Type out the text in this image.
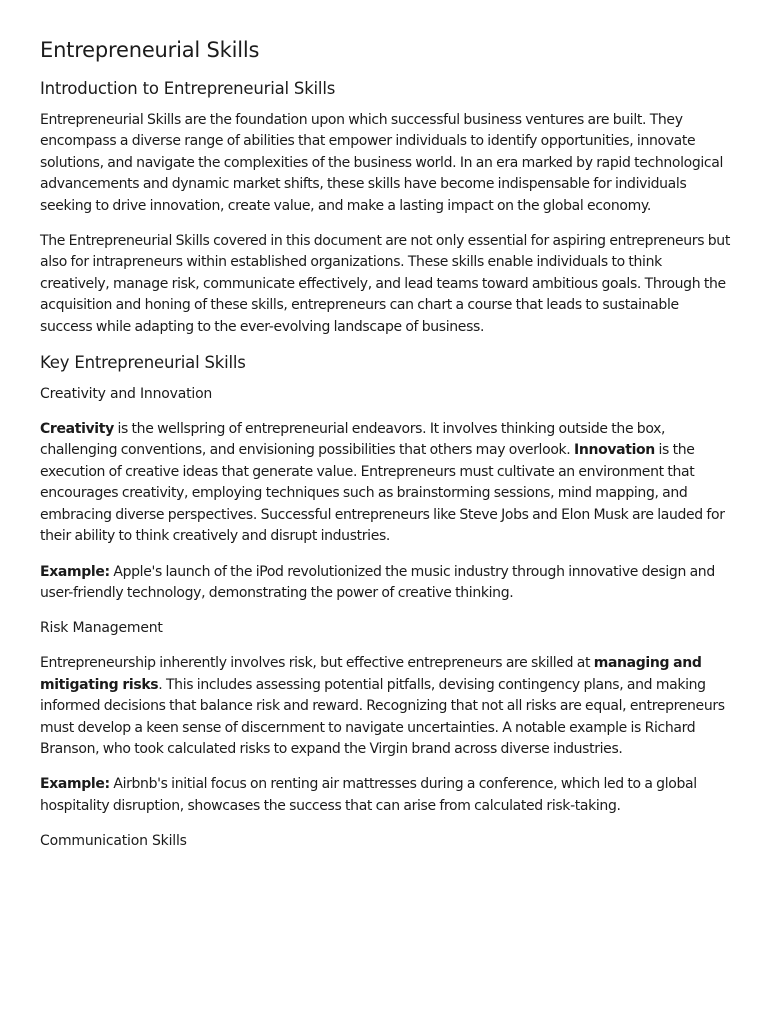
Entrepreneurial Skills
Introduction to Entrepreneurial Skills

Entrepreneurial Skills are the foundation upon which successful business ventures are built. They encompass a diverse range of abilities that empower individuals to identify opportunities, innovate solutions, and navigate the complexities of the business world. In an era marked by rapid technological advancements and dynamic market shifts, these skills have become indispensable for individuals seeking to drive innovation, create value, and make a lasting impact on the global economy.

The Entrepreneurial Skills covered in this document are not only essential for aspiring entrepreneurs but also for intrapreneurs within established organizations. These skills enable individuals to think creatively, manage risk, communicate effectively, and lead teams toward ambitious goals. Through the acquisition and honing of these skills, entrepreneurs can chart a course that leads to sustainable success while adapting to the ever-evolving landscape of business.

Key Entrepreneurial Skills
Creativity and Innovation

Creativity is the wellspring of entrepreneurial endeavors. It involves thinking outside the box, challenging conventions, and envisioning possibilities that others may overlook. Innovation is the execution of creative ideas that generate value. Entrepreneurs must cultivate an environment that encourages creativity, employing techniques such as brainstorming sessions, mind mapping, and embracing diverse perspectives. Successful entrepreneurs like Steve Jobs and Elon Musk are lauded for their ability to think creatively and disrupt industries.

Example: Apple's launch of the iPod revolutionized the music industry through innovative design and user-friendly technology, demonstrating the power of creative thinking.

Risk Management

Entrepreneurship inherently involves risk, but effective entrepreneurs are skilled at managing and mitigating risks. This includes assessing potential pitfalls, devising contingency plans, and making informed decisions that balance risk and reward. Recognizing that not all risks are equal, entrepreneurs must develop a keen sense of discernment to navigate uncertainties. A notable example is Richard Branson, who took calculated risks to expand the Virgin brand across diverse industries.

Example: Airbnb's initial focus on renting air mattresses during a conference, which led to a global hospitality disruption, showcases the success that can arise from calculated risk-taking.

Communication Skills
